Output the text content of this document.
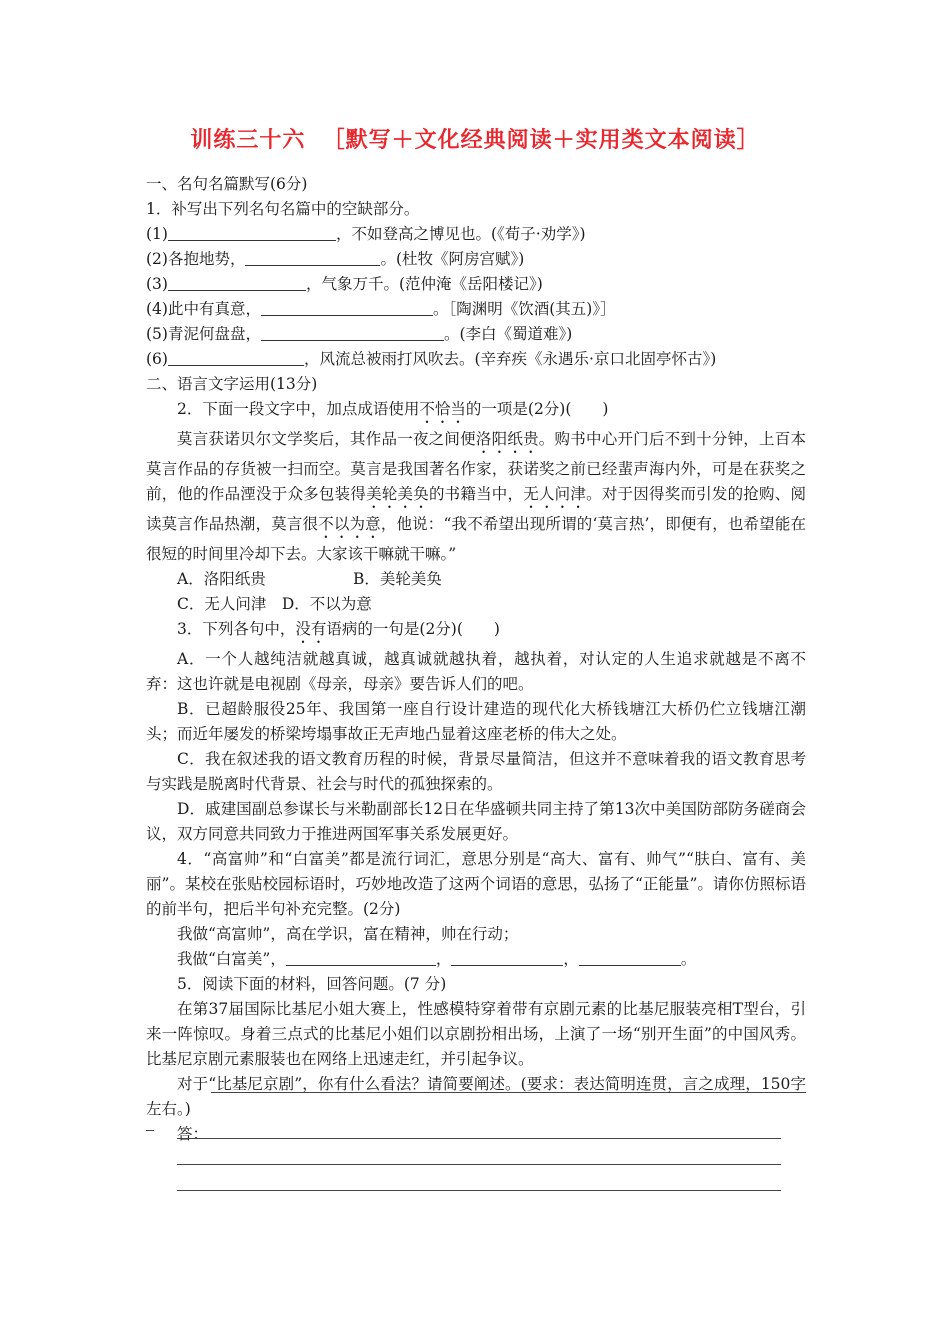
训练三十六  ［默写＋文化经典阅读＋实用类文本阅读］

一、名句名篇默写(6分)

1．补写出下列名句名篇中的空缺部分。

(1)	，不如登高之博见也。(《荀子·劝学》)

(2)各抱地势，	。(杜牧《阿房宫赋》)

(3)	，气象万千。(范仲淹《岳阳楼记》)

(4)此中有真意，	。［陶渊明《饮酒(其五)》］

(5)青泥何盘盘，	。(李白《蜀道难》)

(6)	，风流总被雨打风吹去。(辛弃疾《永遇乐·京口北固亭怀古》)

二、语言文字运用(13分)

2．下面一段文字中，加点成语使用不恰当的一项是(2分)(　　)

莫言获诺贝尔文学奖后，其作品一夜之间便洛阳纸贵。购书中心开门后不到十分钟，上百本莫言作品的存货被一扫而空。莫言是我国著名作家，获诺奖之前已经蜚声海内外，可是在获奖之前，他的作品湮没于众多包装得美轮美奂的书籍当中，无人问津。对于因得奖而引发的抢购、阅读莫言作品热潮，莫言很不以为意，他说：“我不希望出现所谓的‘莫言热’，即便有，也希望能在很短的时间里冷却下去。大家该干嘛就干嘛。”

A．洛阳纸贵	B．美轮美奂

C．无人问津　D．不以为意

3．下列各句中，没有语病的一句是(2分)(　　)

A．一个人越纯洁就越真诚，越真诚就越执着，越执着，对认定的人生追求就越是不离不弃：这也许就是电视剧《母亲，母亲》要告诉人们的吧。

B．已超龄服役25年、我国第一座自行设计建造的现代化大桥钱塘江大桥仍伫立钱塘江潮头；而近年屡发的桥梁垮塌事故正无声地凸显着这座老桥的伟大之处。

C．我在叙述我的语文教育历程的时候，背景尽量简洁，但这并不意味着我的语文教育思考与实践是脱离时代背景、社会与时代的孤独探索的。

D．戚建国副总参谋长与米勒副部长12日在华盛顿共同主持了第13次中美国防部防务磋商会议，双方同意共同致力于推进两国军事关系发展更好。

4．“高富帅”和“白富美”都是流行词汇，意思分别是“高大、富有、帅气”“肤白、富有、美丽”。某校在张贴校园标语时，巧妙地改造了这两个词语的意思，弘扬了“正能量”。请你仿照标语的前半句，把后半句补充完整。(2分)

我做“高富帅”，高在学识，富在精神，帅在行动；

我做“白富美”，	，	，	。

5．阅读下面的材料，回答问题。(7 分)

在第37届国际比基尼小姐大赛上，性感模特穿着带有京剧元素的比基尼服装亮相T型台，引来一阵惊叹。身着三点式的比基尼小姐们以京剧扮相出场，上演了一场“别开生面”的中国风秀。比基尼京剧元素服装也在网络上迅速走红，并引起争议。

对于“比基尼京剧”，你有什么看法？请简要阐述。(要求：表达简明连贯，言之成理，150字左右。)

答：
